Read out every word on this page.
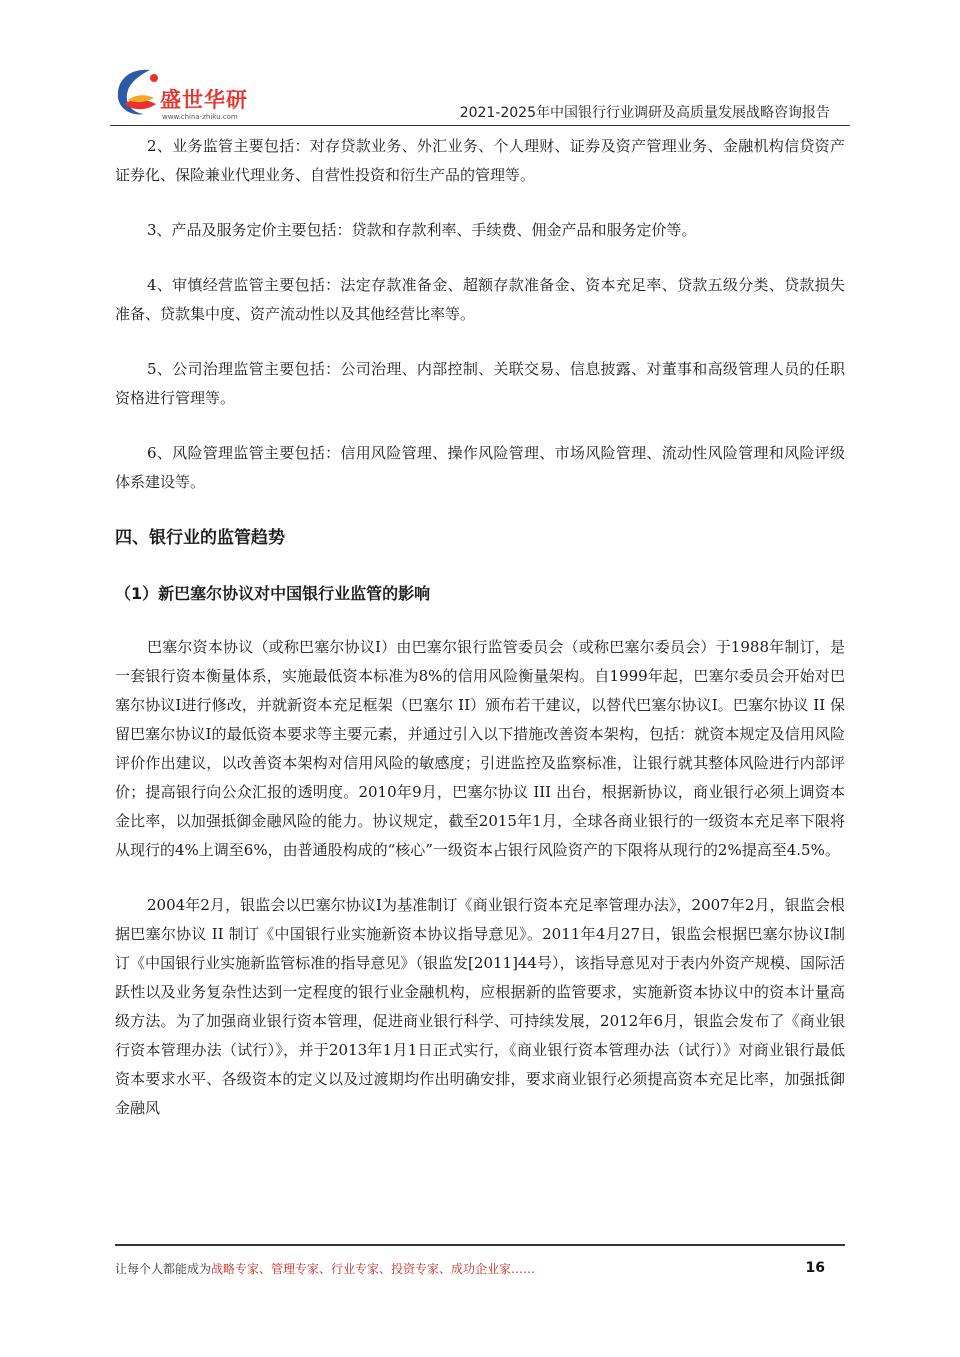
盛世华研
www.china-zhiku.com	2021-2025年中国银行行业调研及高质量发展战略咨询报告

2、业务监管主要包括：对存贷款业务、外汇业务、个人理财、证券及资产管理业务、金融机构信贷资产证券化、保险兼业代理业务、自营性投资和衍生产品的管理等。

3、产品及服务定价主要包括：贷款和存款利率、手续费、佣金产品和服务定价等。

4、审慎经营监管主要包括：法定存款准备金、超额存款准备金、资本充足率、贷款五级分类、贷款损失准备、贷款集中度、资产流动性以及其他经营比率等。

5、公司治理监管主要包括：公司治理、内部控制、关联交易、信息披露、对董事和高级管理人员的任职资格进行管理等。

6、风险管理监管主要包括：信用风险管理、操作风险管理、市场风险管理、流动性风险管理和风险评级体系建设等。

四、银行业的监管趋势
（1）新巴塞尔协议对中国银行业监管的影响

巴塞尔资本协议（或称巴塞尔协议Ⅰ）由巴塞尔银行监管委员会（或称巴塞尔委员会）于1988年制订，是一套银行资本衡量体系，实施最低资本标准为8%的信用风险衡量架构。自1999年起，巴塞尔委员会开始对巴塞尔协议Ⅰ进行修改，并就新资本充足框架（巴塞尔 II）颁布若干建议，以替代巴塞尔协议Ⅰ。巴塞尔协议 II 保留巴塞尔协议Ⅰ的最低资本要求等主要元素，并通过引入以下措施改善资本架构，包括：就资本规定及信用风险评价作出建议，以改善资本架构对信用风险的敏感度；引进监控及监察标准，让银行就其整体风险进行内部评价；提高银行向公众汇报的透明度。2010年9月，巴塞尔协议 III 出台，根据新协议，商业银行必须上调资本金比率，以加强抵御金融风险的能力。协议规定，截至2015年1月，全球各商业银行的一级资本充足率下限将从现行的4%上调至6%，由普通股构成的“核心”一级资本占银行风险资产的下限将从现行的2%提高至4.5%。

2004年2月，银监会以巴塞尔协议Ⅰ为基准制订《商业银行资本充足率管理办法》，2007年2月，银监会根据巴塞尔协议 II 制订《中国银行业实施新资本协议指导意见》。2011年4月27日，银监会根据巴塞尔协议Ⅰ制订《中国银行业实施新监管标准的指导意见》（银监发[2011]44号），该指导意见对于表内外资产规模、国际活跃性以及业务复杂性达到一定程度的银行业金融机构，应根据新的监管要求，实施新资本协议中的资本计量高级方法。为了加强商业银行资本管理，促进商业银行科学、可持续发展，2012年6月，银监会发布了《商业银行资本管理办法（试行）》，并于2013年1月1日正式实行，《商业银行资本管理办法（试行）》对商业银行最低资本要求水平、各级资本的定义以及过渡期均作出明确安排，要求商业银行必须提高资本充足比率，加强抵御金融风

让每个人都能成为战略专家、管理专家、行业专家、投资专家、成功企业家……	16
